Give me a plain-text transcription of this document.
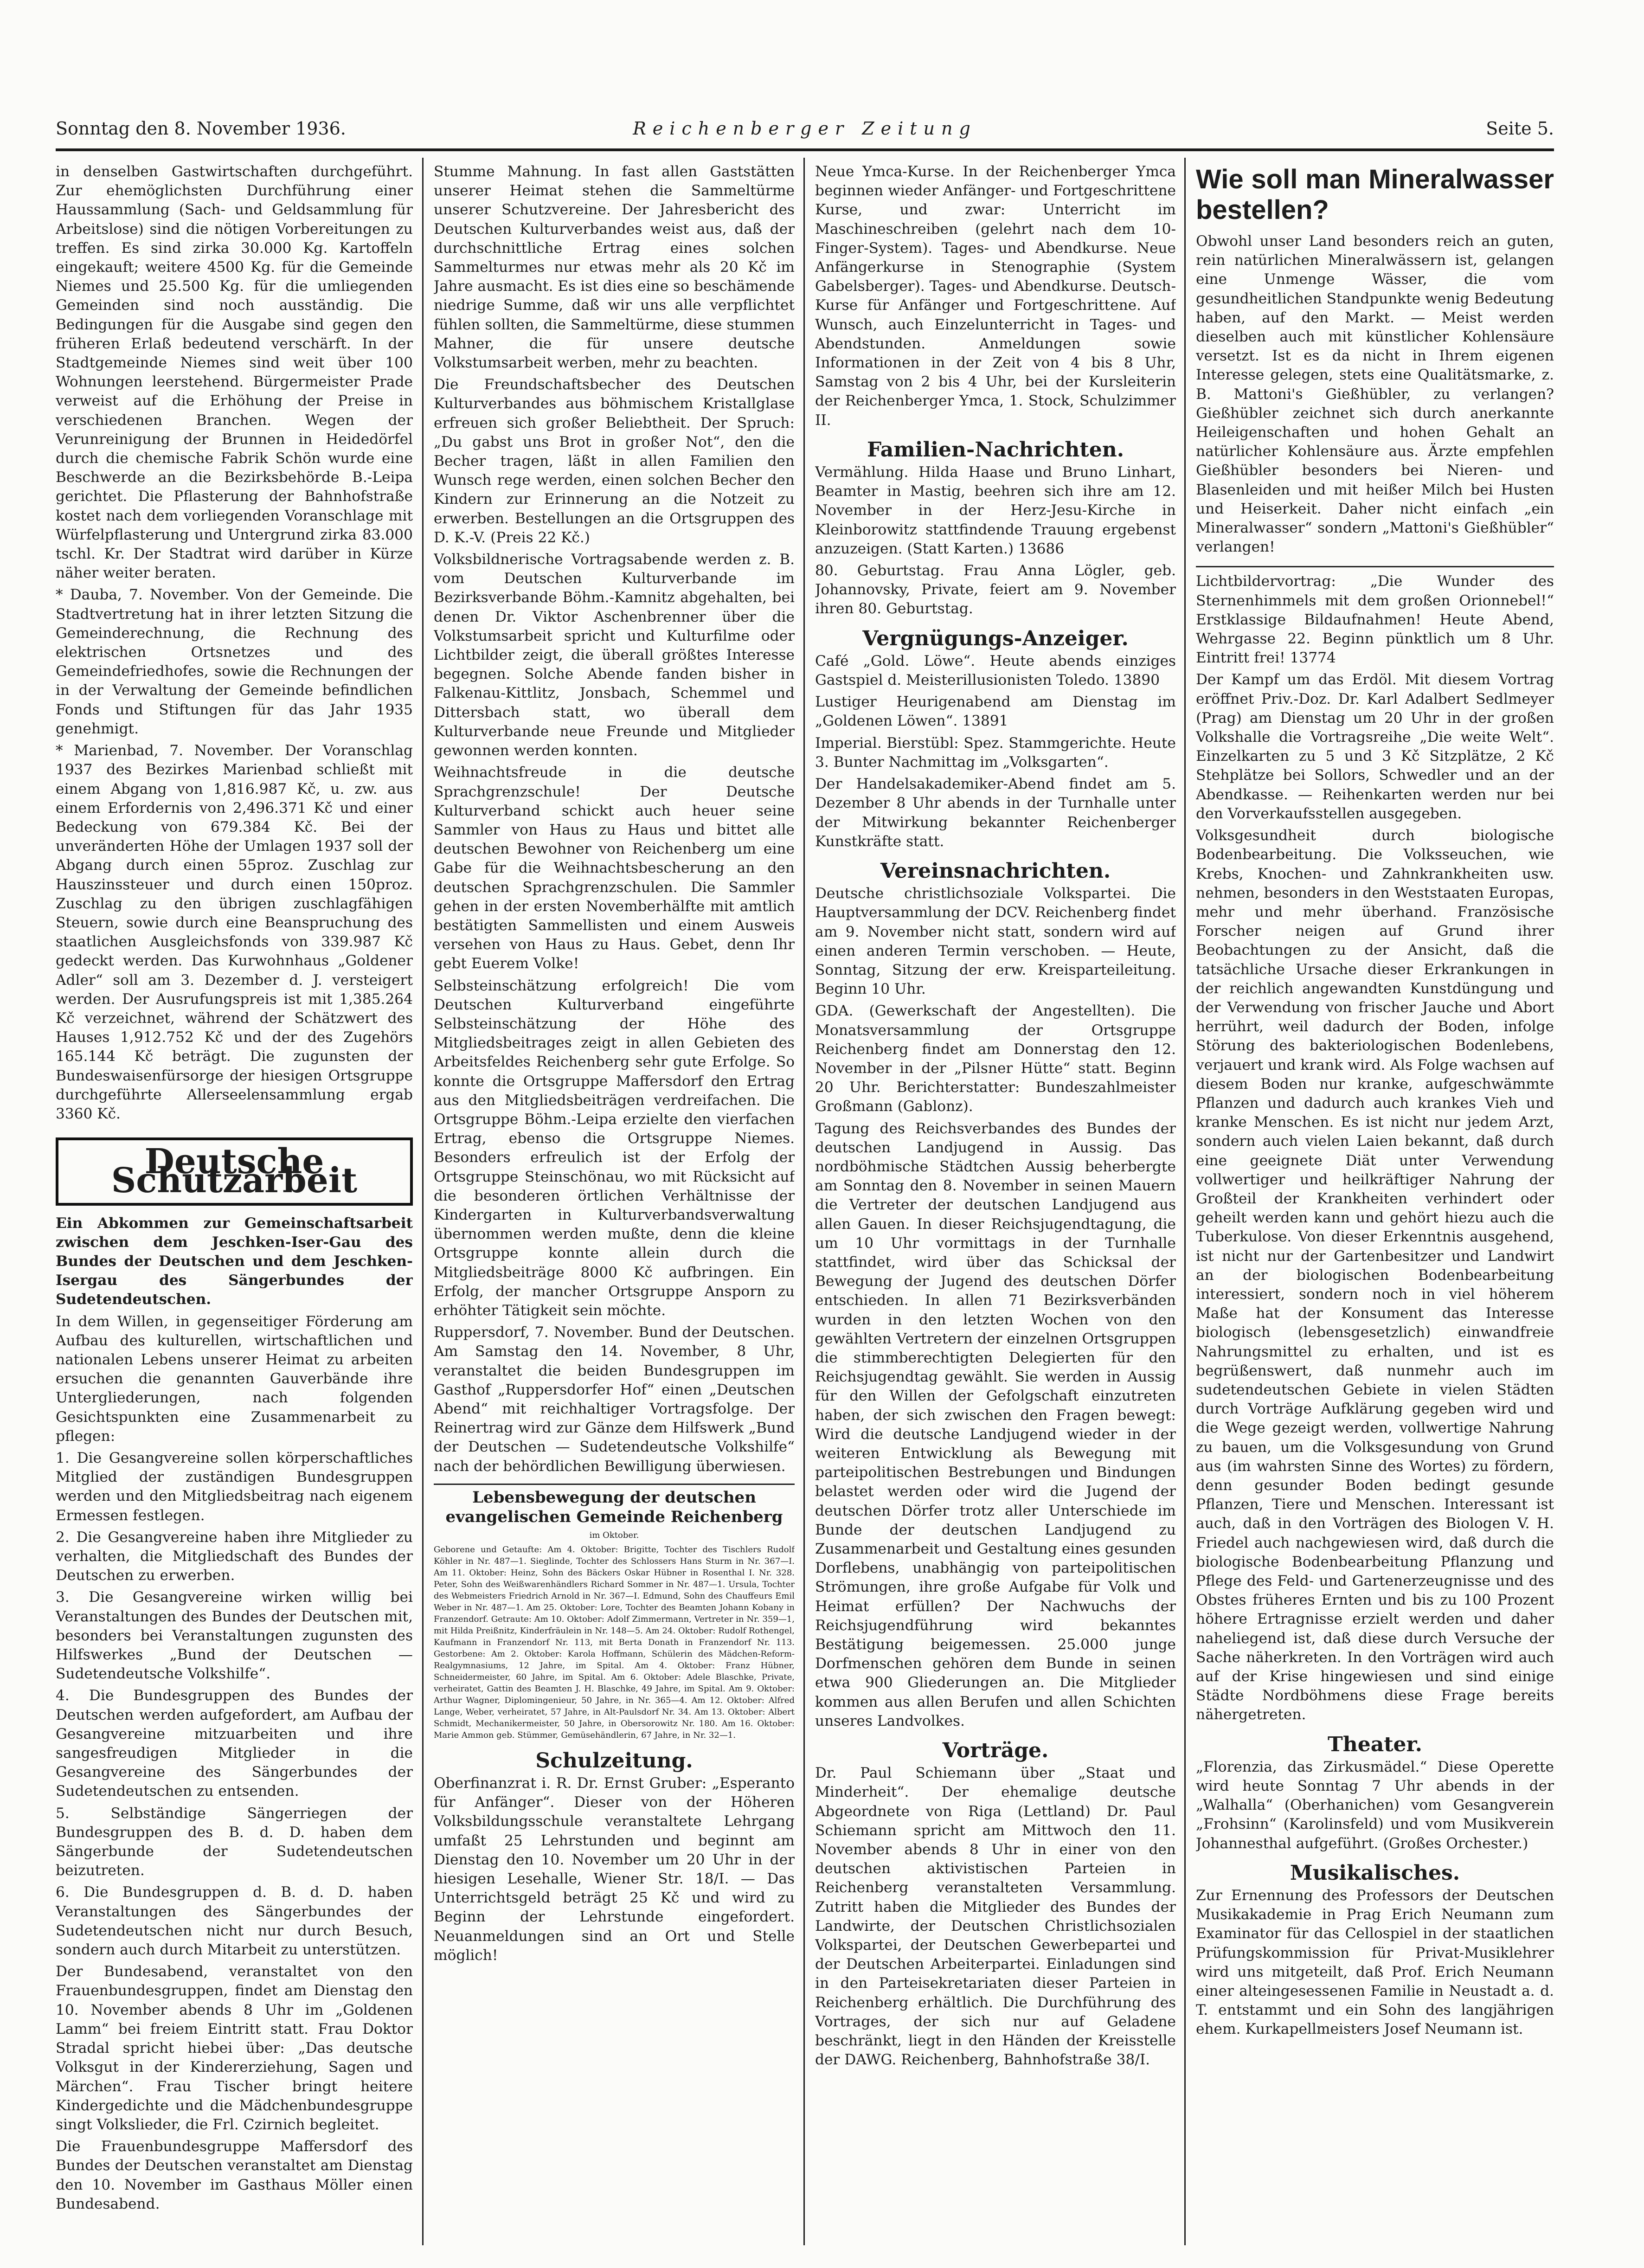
Sonntag den 8. November 1936.	Reichenberger Zeitung	Seite 5.

in denselben Gastwirtschaften durchgeführt. Zur ehemöglichsten Durchführung einer Haussammlung (Sach- und Geldsammlung für Arbeitslose) sind die nötigen Vorbereitungen zu treffen. Es sind zirka 30.000 Kg. Kartoffeln eingekauft; weitere 4500 Kg. für die Gemeinde Niemes und 25.500 Kg. für die umliegenden Gemeinden sind noch ausständig. Die Bedingungen für die Ausgabe sind gegen den früheren Erlaß bedeutend verschärft. In der Stadtgemeinde Niemes sind weit über 100 Wohnungen leerstehend. Bürgermeister Prade verweist auf die Erhöhung der Preise in verschiedenen Branchen. Wegen der Verunreinigung der Brunnen in Heidedörfel durch die chemische Fabrik Schön wurde eine Beschwerde an die Bezirksbehörde B.-Leipa gerichtet. Die Pflasterung der Bahnhofstraße kostet nach dem vorliegenden Voranschlage mit Würfelpflasterung und Untergrund zirka 83.000 tschl. Kr. Der Stadtrat wird darüber in Kürze näher weiter beraten.

* Dauba, 7. November. Von der Gemeinde. Die Stadtvertretung hat in ihrer letzten Sitzung die Gemeinderechnung, die Rechnung des elektrischen Ortsnetzes und des Gemeindefriedhofes, sowie die Rechnungen der in der Verwaltung der Gemeinde befindlichen Fonds und Stiftungen für das Jahr 1935 genehmigt.

* Marienbad, 7. November. Der Voranschlag 1937 des Bezirkes Marienbad schließt mit einem Abgang von 1,816.987 Kč, u. zw. aus einem Erfordernis von 2,496.371 Kč und einer Bedeckung von 679.384 Kč. Bei der unveränderten Höhe der Umlagen 1937 soll der Abgang durch einen 55proz. Zuschlag zur Hauszinssteuer und durch einen 150proz. Zuschlag zu den übrigen zuschlagfähigen Steuern, sowie durch eine Beanspruchung des staatlichen Ausgleichsfonds von 339.987 Kč gedeckt werden. Das Kurwohnhaus „Goldener Adler“ soll am 3. Dezember d. J. versteigert werden. Der Ausrufungspreis ist mit 1,385.264 Kč verzeichnet, während der Schätzwert des Hauses 1,912.752 Kč und der des Zugehörs 165.144 Kč beträgt. Die zugunsten der Bundeswaisenfürsorge der hiesigen Ortsgruppe durchgeführte Allerseelensammlung ergab 3360 Kč.

Deutsche Schutzarbeit

Ein Abkommen zur Gemeinschaftsarbeit zwischen dem Jeschken-Iser-Gau des Bundes der Deutschen und dem Jeschken-Isergau des Sängerbundes der Sudetendeutschen.

In dem Willen, in gegenseitiger Förderung am Aufbau des kulturellen, wirtschaftlichen und nationalen Lebens unserer Heimat zu arbeiten ersuchen die genannten Gauverbände ihre Untergliederungen, nach folgenden Gesichtspunkten eine Zusammenarbeit zu pflegen:

1. Die Gesangvereine sollen körperschaftliches Mitglied der zuständigen Bundesgruppen werden und den Mitgliedsbeitrag nach eigenem Ermessen festlegen.

2. Die Gesangvereine haben ihre Mitglieder zu verhalten, die Mitgliedschaft des Bundes der Deutschen zu erwerben.

3. Die Gesangvereine wirken willig bei Veranstaltungen des Bundes der Deutschen mit, besonders bei Veranstaltungen zugunsten des Hilfswerkes „Bund der Deutschen — Sudetendeutsche Volkshilfe“.

4. Die Bundesgruppen des Bundes der Deutschen werden aufgefordert, am Aufbau der Gesangvereine mitzuarbeiten und ihre sangesfreudigen Mitglieder in die Gesangvereine des Sängerbundes der Sudetendeutschen zu entsenden.

5. Selbständige Sängerriegen der Bundesgruppen des B. d. D. haben dem Sängerbunde der Sudetendeutschen beizutreten.

6. Die Bundesgruppen d. B. d. D. haben Veranstaltungen des Sängerbundes der Sudetendeutschen nicht nur durch Besuch, sondern auch durch Mitarbeit zu unterstützen.

Der Bundesabend, veranstaltet von den Frauenbundesgruppen, findet am Dienstag den 10. November abends 8 Uhr im „Goldenen Lamm“ bei freiem Eintritt statt. Frau Doktor Stradal spricht hiebei über: „Das deutsche Volksgut in der Kindererziehung, Sagen und Märchen“. Frau Tischer bringt heitere Kindergedichte und die Mädchenbundesgruppe singt Volkslieder, die Frl. Czirnich begleitet.

Die Frauenbundesgruppe Maffersdorf des Bundes der Deutschen veranstaltet am Dienstag den 10. November im Gasthaus Möller einen Bundesabend.

Stumme Mahnung. In fast allen Gaststätten unserer Heimat stehen die Sammeltürme unserer Schutzvereine. Der Jahresbericht des Deutschen Kulturverbandes weist aus, daß der durchschnittliche Ertrag eines solchen Sammelturmes nur etwas mehr als 20 Kč im Jahre ausmacht. Es ist dies eine so beschämende niedrige Summe, daß wir uns alle verpflichtet fühlen sollten, die Sammeltürme, diese stummen Mahner, die für unsere deutsche Volkstumsarbeit werben, mehr zu beachten.

Die Freundschaftsbecher des Deutschen Kulturverbandes aus böhmischem Kristallglase erfreuen sich großer Beliebtheit. Der Spruch: „Du gabst uns Brot in großer Not“, den die Becher tragen, läßt in allen Familien den Wunsch rege werden, einen solchen Becher den Kindern zur Erinnerung an die Notzeit zu erwerben. Bestellungen an die Ortsgruppen des D. K.-V. (Preis 22 Kč.)

Volksbildnerische Vortragsabende werden z. B. vom Deutschen Kulturverbande im Bezirksverbande Böhm.-Kamnitz abgehalten, bei denen Dr. Viktor Aschenbrenner über die Volkstumsarbeit spricht und Kulturfilme oder Lichtbilder zeigt, die überall größtes Interesse begegnen. Solche Abende fanden bisher in Falkenau-Kittlitz, Jonsbach, Schemmel und Dittersbach statt, wo überall dem Kulturverbande neue Freunde und Mitglieder gewonnen werden konnten.

Weihnachtsfreude in die deutsche Sprachgrenzschule! Der Deutsche Kulturverband schickt auch heuer seine Sammler von Haus zu Haus und bittet alle deutschen Bewohner von Reichenberg um eine Gabe für die Weihnachtsbescherung an den deutschen Sprachgrenzschulen. Die Sammler gehen in der ersten Novemberhälfte mit amtlich bestätigten Sammellisten und einem Ausweis versehen von Haus zu Haus. Gebet, denn Ihr gebt Euerem Volke!

Selbsteinschätzung erfolgreich! Die vom Deutschen Kulturverband eingeführte Selbsteinschätzung der Höhe des Mitgliedsbeitrages zeigt in allen Gebieten des Arbeitsfeldes Reichenberg sehr gute Erfolge. So konnte die Ortsgruppe Maffersdorf den Ertrag aus den Mitgliedsbeiträgen verdreifachen. Die Ortsgruppe Böhm.-Leipa erzielte den vierfachen Ertrag, ebenso die Ortsgruppe Niemes. Besonders erfreulich ist der Erfolg der Ortsgruppe Steinschönau, wo mit Rücksicht auf die besonderen örtlichen Verhältnisse der Kindergarten in Kulturverbandsverwaltung übernommen werden mußte, denn die kleine Ortsgruppe konnte allein durch die Mitgliedsbeiträge 8000 Kč aufbringen. Ein Erfolg, der mancher Ortsgruppe Ansporn zu erhöhter Tätigkeit sein möchte.

Ruppersdorf, 7. November. Bund der Deutschen. Am Samstag den 14. November, 8 Uhr, veranstaltet die beiden Bundesgruppen im Gasthof „Ruppersdorfer Hof“ einen „Deutschen Abend“ mit reichhaltiger Vortragsfolge. Der Reinertrag wird zur Gänze dem Hilfswerk „Bund der Deutschen — Sudetendeutsche Volkshilfe“ nach der behördlichen Bewilligung überwiesen.

Lebensbewegung der deutschen evangelischen Gemeinde Reichenberg

im Oktober.

Geborene und Getaufte: Am 4. Oktober: Brigitte, Tochter des Tischlers Rudolf Köhler in Nr. 487—1. Sieglinde, Tochter des Schlossers Hans Sturm in Nr. 367—I. Am 11. Oktober: Heinz, Sohn des Bäckers Oskar Hübner in Rosenthal I. Nr. 328. Peter, Sohn des Weißwarenhändlers Richard Sommer in Nr. 487—1. Ursula, Tochter des Webmeisters Friedrich Arnold in Nr. 367—I. Edmund, Sohn des Chauffeurs Emil Weber in Nr. 487—1. Am 25. Oktober: Lore, Tochter des Beamten Johann Kobany in Franzendorf. Getraute: Am 10. Oktober: Adolf Zimmermann, Vertreter in Nr. 359—1, mit Hilda Preißnitz, Kinderfräulein in Nr. 148—5. Am 24. Oktober: Rudolf Rothengel, Kaufmann in Franzendorf Nr. 113, mit Berta Donath in Franzendorf Nr. 113. Gestorbene: Am 2. Oktober: Karola Hoffmann, Schülerin des Mädchen-Reform-Realgymnasiums, 12 Jahre, im Spital. Am 4. Oktober: Franz Hübner, Schneidermeister, 60 Jahre, im Spital. Am 6. Oktober: Adele Blaschke, Private, verheiratet, Gattin des Beamten J. H. Blaschke, 49 Jahre, im Spital. Am 9. Oktober: Arthur Wagner, Diplomingenieur, 50 Jahre, in Nr. 365—4. Am 12. Oktober: Alfred Lange, Weber, verheiratet, 57 Jahre, in Alt-Paulsdorf Nr. 34. Am 13. Oktober: Albert Schmidt, Mechanikermeister, 50 Jahre, in Obersorowitz Nr. 180. Am 16. Oktober: Marie Ammon geb. Stümmer, Gemüsehändlerin, 67 Jahre, in Nr. 32—1.

Schulzeitung.

Oberfinanzrat i. R. Dr. Ernst Gruber: „Esperanto für Anfänger“. Dieser von der Höheren Volksbildungsschule veranstaltete Lehrgang umfaßt 25 Lehrstunden und beginnt am Dienstag den 10. November um 20 Uhr in der hiesigen Lesehalle, Wiener Str. 18/I. — Das Unterrichtsgeld beträgt 25 Kč und wird zu Beginn der Lehrstunde eingefordert. Neuanmeldungen sind an Ort und Stelle möglich!

Neue Ymca-Kurse. In der Reichenberger Ymca beginnen wieder Anfänger- und Fortgeschrittene Kurse, und zwar: Unterricht im Maschineschreiben (gelehrt nach dem 10-Finger-System). Tages- und Abendkurse. Neue Anfängerkurse in Stenographie (System Gabelsberger). Tages- und Abendkurse. Deutsch-Kurse für Anfänger und Fortgeschrittene. Auf Wunsch, auch Einzelunterricht in Tages- und Abendstunden. Anmeldungen sowie Informationen in der Zeit von 4 bis 8 Uhr, Samstag von 2 bis 4 Uhr, bei der Kursleiterin der Reichenberger Ymca, 1. Stock, Schulzimmer II.

Familien-Nachrichten.

Vermählung. Hilda Haase und Bruno Linhart, Beamter in Mastig, beehren sich ihre am 12. November in der Herz-Jesu-Kirche in Kleinborowitz stattfindende Trauung ergebenst anzuzeigen. (Statt Karten.) 13686

80. Geburtstag. Frau Anna Lögler, geb. Johannovsky, Private, feiert am 9. November ihren 80. Geburtstag.

Vergnügungs-Anzeiger.

Café „Gold. Löwe“. Heute abends einziges Gastspiel d. Meisterillusionisten Toledo. 13890

Lustiger Heurigenabend am Dienstag im „Goldenen Löwen“. 13891

Imperial. Bierstübl: Spez. Stammgerichte. Heute 3. Bunter Nachmittag im „Volksgarten“.

Der Handelsakademiker-Abend findet am 5. Dezember 8 Uhr abends in der Turnhalle unter der Mitwirkung bekannter Reichenberger Kunstkräfte statt.

Vereinsnachrichten.

Deutsche christlichsoziale Volkspartei. Die Hauptversammlung der DCV. Reichenberg findet am 9. November nicht statt, sondern wird auf einen anderen Termin verschoben. — Heute, Sonntag, Sitzung der erw. Kreisparteileitung. Beginn 10 Uhr.

GDA. (Gewerkschaft der Angestellten). Die Monatsversammlung der Ortsgruppe Reichenberg findet am Donnerstag den 12. November in der „Pilsner Hütte“ statt. Beginn 20 Uhr. Berichterstatter: Bundeszahlmeister Großmann (Gablonz).

Tagung des Reichsverbandes des Bundes der deutschen Landjugend in Aussig. Das nordböhmische Städtchen Aussig beherbergte am Sonntag den 8. November in seinen Mauern die Vertreter der deutschen Landjugend aus allen Gauen. In dieser Reichsjugendtagung, die um 10 Uhr vormittags in der Turnhalle stattfindet, wird über das Schicksal der Bewegung der Jugend des deutschen Dörfer entschieden. In allen 71 Bezirksverbänden wurden in den letzten Wochen von den gewählten Vertretern der einzelnen Ortsgruppen die stimmberechtigten Delegierten für den Reichsjugendtag gewählt. Sie werden in Aussig für den Willen der Gefolgschaft einzutreten haben, der sich zwischen den Fragen bewegt: Wird die deutsche Landjugend wieder in der weiteren Entwicklung als Bewegung mit parteipolitischen Bestrebungen und Bindungen belastet werden oder wird die Jugend der deutschen Dörfer trotz aller Unterschiede im Bunde der deutschen Landjugend zu Zusammenarbeit und Gestaltung eines gesunden Dorflebens, unabhängig von parteipolitischen Strömungen, ihre große Aufgabe für Volk und Heimat erfüllen? Der Nachwuchs der Reichsjugendführung wird bekanntes Bestätigung beigemessen. 25.000 junge Dorfmenschen gehören dem Bunde in seinen etwa 900 Gliederungen an. Die Mitglieder kommen aus allen Berufen und allen Schichten unseres Landvolkes.

Vorträge.

Dr. Paul Schiemann über „Staat und Minderheit“. Der ehemalige deutsche Abgeordnete von Riga (Lettland) Dr. Paul Schiemann spricht am Mittwoch den 11. November abends 8 Uhr in einer von den deutschen aktivistischen Parteien in Reichenberg veranstalteten Versammlung. Zutritt haben die Mitglieder des Bundes der Landwirte, der Deutschen Christlichsozialen Volkspartei, der Deutschen Gewerbepartei und der Deutschen Arbeiterpartei. Einladungen sind in den Parteisekretariaten dieser Parteien in Reichenberg erhältlich. Die Durchführung des Vortrages, der sich nur auf Geladene beschränkt, liegt in den Händen der Kreisstelle der DAWG. Reichenberg, Bahnhofstraße 38/I.

Wie soll man Mineralwasser bestellen?

Obwohl unser Land besonders reich an guten, rein natürlichen Mineralwässern ist, gelangen eine Unmenge Wässer, die vom gesundheitlichen Standpunkte wenig Bedeutung haben, auf den Markt. — Meist werden dieselben auch mit künstlicher Kohlensäure versetzt. Ist es da nicht in Ihrem eigenen Interesse gelegen, stets eine Qualitätsmarke, z. B. Mattoni's Gießhübler, zu verlangen? Gießhübler zeichnet sich durch anerkannte Heileigenschaften und hohen Gehalt an natürlicher Kohlensäure aus. Ärzte empfehlen Gießhübler besonders bei Nieren- und Blasenleiden und mit heißer Milch bei Husten und Heiserkeit. Daher nicht einfach „ein Mineralwasser“ sondern „Mattoni's Gießhübler“ verlangen!

Lichtbildervortrag: „Die Wunder des Sternenhimmels mit dem großen Orionnebel!“ Erstklassige Bildaufnahmen! Heute Abend, Wehrgasse 22. Beginn pünktlich um 8 Uhr. Eintritt frei! 13774

Der Kampf um das Erdöl. Mit diesem Vortrag eröffnet Priv.-Doz. Dr. Karl Adalbert Sedlmeyer (Prag) am Dienstag um 20 Uhr in der großen Volkshalle die Vortragsreihe „Die weite Welt“. Einzelkarten zu 5 und 3 Kč Sitzplätze, 2 Kč Stehplätze bei Sollors, Schwedler und an der Abendkasse. — Reihenkarten werden nur bei den Vorverkaufsstellen ausgegeben.

Volksgesundheit durch biologische Bodenbearbeitung. Die Volksseuchen, wie Krebs, Knochen- und Zahnkrankheiten usw. nehmen, besonders in den Weststaaten Europas, mehr und mehr überhand. Französische Forscher neigen auf Grund ihrer Beobachtungen zu der Ansicht, daß die tatsächliche Ursache dieser Erkrankungen in der reichlich angewandten Kunstdüngung und der Verwendung von frischer Jauche und Abort herrührt, weil dadurch der Boden, infolge Störung des bakteriologischen Bodenlebens, verjauert und krank wird. Als Folge wachsen auf diesem Boden nur kranke, aufgeschwämmte Pflanzen und dadurch auch krankes Vieh und kranke Menschen. Es ist nicht nur jedem Arzt, sondern auch vielen Laien bekannt, daß durch eine geeignete Diät unter Verwendung vollwertiger und heilkräftiger Nahrung der Großteil der Krankheiten verhindert oder geheilt werden kann und gehört hiezu auch die Tuberkulose. Von dieser Erkenntnis ausgehend, ist nicht nur der Gartenbesitzer und Landwirt an der biologischen Bodenbearbeitung interessiert, sondern noch in viel höherem Maße hat der Konsument das Interesse biologisch (lebensgesetzlich) einwandfreie Nahrungsmittel zu erhalten, und ist es begrüßenswert, daß nunmehr auch im sudetendeutschen Gebiete in vielen Städten durch Vorträge Aufklärung gegeben wird und die Wege gezeigt werden, vollwertige Nahrung zu bauen, um die Volksgesundung von Grund aus (im wahrsten Sinne des Wortes) zu fördern, denn gesunder Boden bedingt gesunde Pflanzen, Tiere und Menschen. Interessant ist auch, daß in den Vorträgen des Biologen V. H. Friedel auch nachgewiesen wird, daß durch die biologische Bodenbearbeitung Pflanzung und Pflege des Feld- und Gartenerzeugnisse und des Obstes früheres Ernten und bis zu 100 Prozent höhere Ertragnisse erzielt werden und daher naheliegend ist, daß diese durch Versuche der Sache näherkreten. In den Vorträgen wird auch auf der Krise hingewiesen und sind einige Städte Nordböhmens diese Frage bereits nähergetreten.

Theater.

„Florenzia, das Zirkusmädel.“ Diese Operette wird heute Sonntag 7 Uhr abends in der „Walhalla“ (Oberhanichen) vom Gesangverein „Frohsinn“ (Karolinsfeld) und vom Musikverein Johannesthal aufgeführt. (Großes Orchester.)

Musikalisches.

Zur Ernennung des Professors der Deutschen Musikakademie in Prag Erich Neumann zum Examinator für das Cellospiel in der staatlichen Prüfungskommission für Privat-Musiklehrer wird uns mitgeteilt, daß Prof. Erich Neumann einer alteingesessenen Familie in Neustadt a. d. T. entstammt und ein Sohn des langjährigen ehem. Kurkapellmeisters Josef Neumann ist.
